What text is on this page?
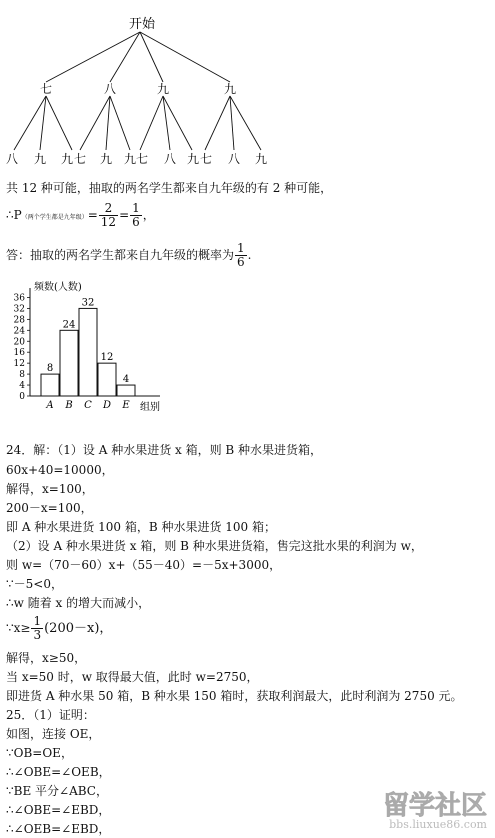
开始
七	八	九	九
八 九 九 七 九 九 七 八 九 七 八 九
共 12 种可能，抽取的两名学生都来自九年级的有 2 种可能，
∴P（两个学生都是九年级）= $\frac{2}{12} = \frac{1}{6}$ ，
答：抽取的两名学生都来自九年级的概率为 $\frac{1}{6}$ .
频数(人数)
0
4
8
12
16
20
24
28
32
36
8
A
24
B
32
C
12
D
4
E 组别
24．解：（1）设 A 种水果进货 x 箱，则 B 种水果进货箱，
60x+40=10000，
解得，x=100，
200－x=100，
即 A 种水果进货 100 箱，B 种水果进货 100 箱；
（2）设 A 种水果进货 x 箱，则 B 种水果进货箱，售完这批水果的利润为 w，
则 w=（70－60）x+（55－40）=－5x+3000，
∵－5<0，
∴w 随着 x 的增大而减小，
∵x≥ $\frac{1}{3} (200-x)$，
解得，x≥50，
当 x=50 时，w 取得最大值，此时 w=2750，
即进货 A 种水果 50 箱，B 种水果 150 箱时，获取利润最大，此时利润为 2750 元。
25．（1）证明：
如图，连接 OE，
∵OB=OE，
∴∠OBE=∠OEB，
∵BE 平分∠ABC，
∴∠OBE=∠EBD，
∴∠OEB=∠EBD，
留学社区
bbs.liuxue86.com
